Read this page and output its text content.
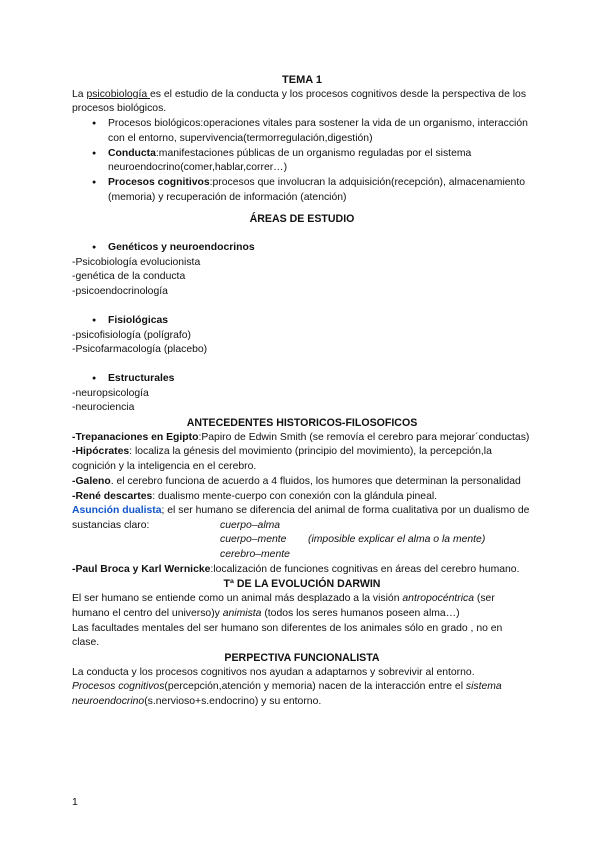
TEMA 1

La psicobiología es el estudio de la conducta y los procesos cognitivos desde la perspectiva de los procesos biológicos.

● Procesos biológicos:operaciones vitales para sostener la vida de un organismo, interacción con el entorno, supervivencia(termorregulación,digestión)
● Conducta:manifestaciones públicas de un organismo reguladas por el sistema neuroendocrino(comer,hablar,correr…)
● Procesos cognitivos:procesos que involucran la adquisición(recepción), almacenamiento (memoria) y recuperación de información (atención)

ÁREAS DE ESTUDIO

● Genéticos y neuroendocrinos

-Psicobiología evolucionista

-genética de la conducta

-psicoendocrinología

● Fisiológicas

-psicofisiología (polígrafo)

-Psicofarmacología (placebo)

● Estructurales

-neuropsicología

-neurociencia

ANTECEDENTES HISTORICOS-FILOSOFICOS

-Trepanaciones en Egipto:Papiro de Edwin Smith (se removía el cerebro para mejorar´conductas)

-Hipócrates: localiza la génesis del movimiento (principio del movimiento), la percepción,la cognición y la inteligencia en el cerebro.

-Galeno. el cerebro funciona de acuerdo a 4 fluidos, los humores que determinan la personalidad

-René descartes: dualismo mente-cuerpo con conexión con la glándula pineal.

Asunción dualista; el ser humano se diferencia del animal de forma cualitativa por un dualismo de sustancias claro:	cuerpo–alma
cuerpo–mente (imposible explicar el alma o la mente)
cerebro–mente

-Paul Broca y Karl Wernicke:localización de funciones cognitivas en áreas del cerebro humano.

Tª DE LA EVOLUCIÓN DARWIN

El ser humano se entiende como un animal más desplazado a la visión antropocéntrica (ser humano el centro del universo)y animista (todos los seres humanos poseen alma…)

Las facultades mentales del ser humano son diferentes de los animales sólo en grado , no en clase.

PERPECTIVA FUNCIONALISTA

La conducta y los procesos cognitivos nos ayudan a adaptarnos y sobrevivir al entorno.

Procesos cognitivos(percepción,atención y memoria) nacen de la interacción entre el sistema neuroendocrino(s.nervioso+s.endocrino) y su entorno.

1
